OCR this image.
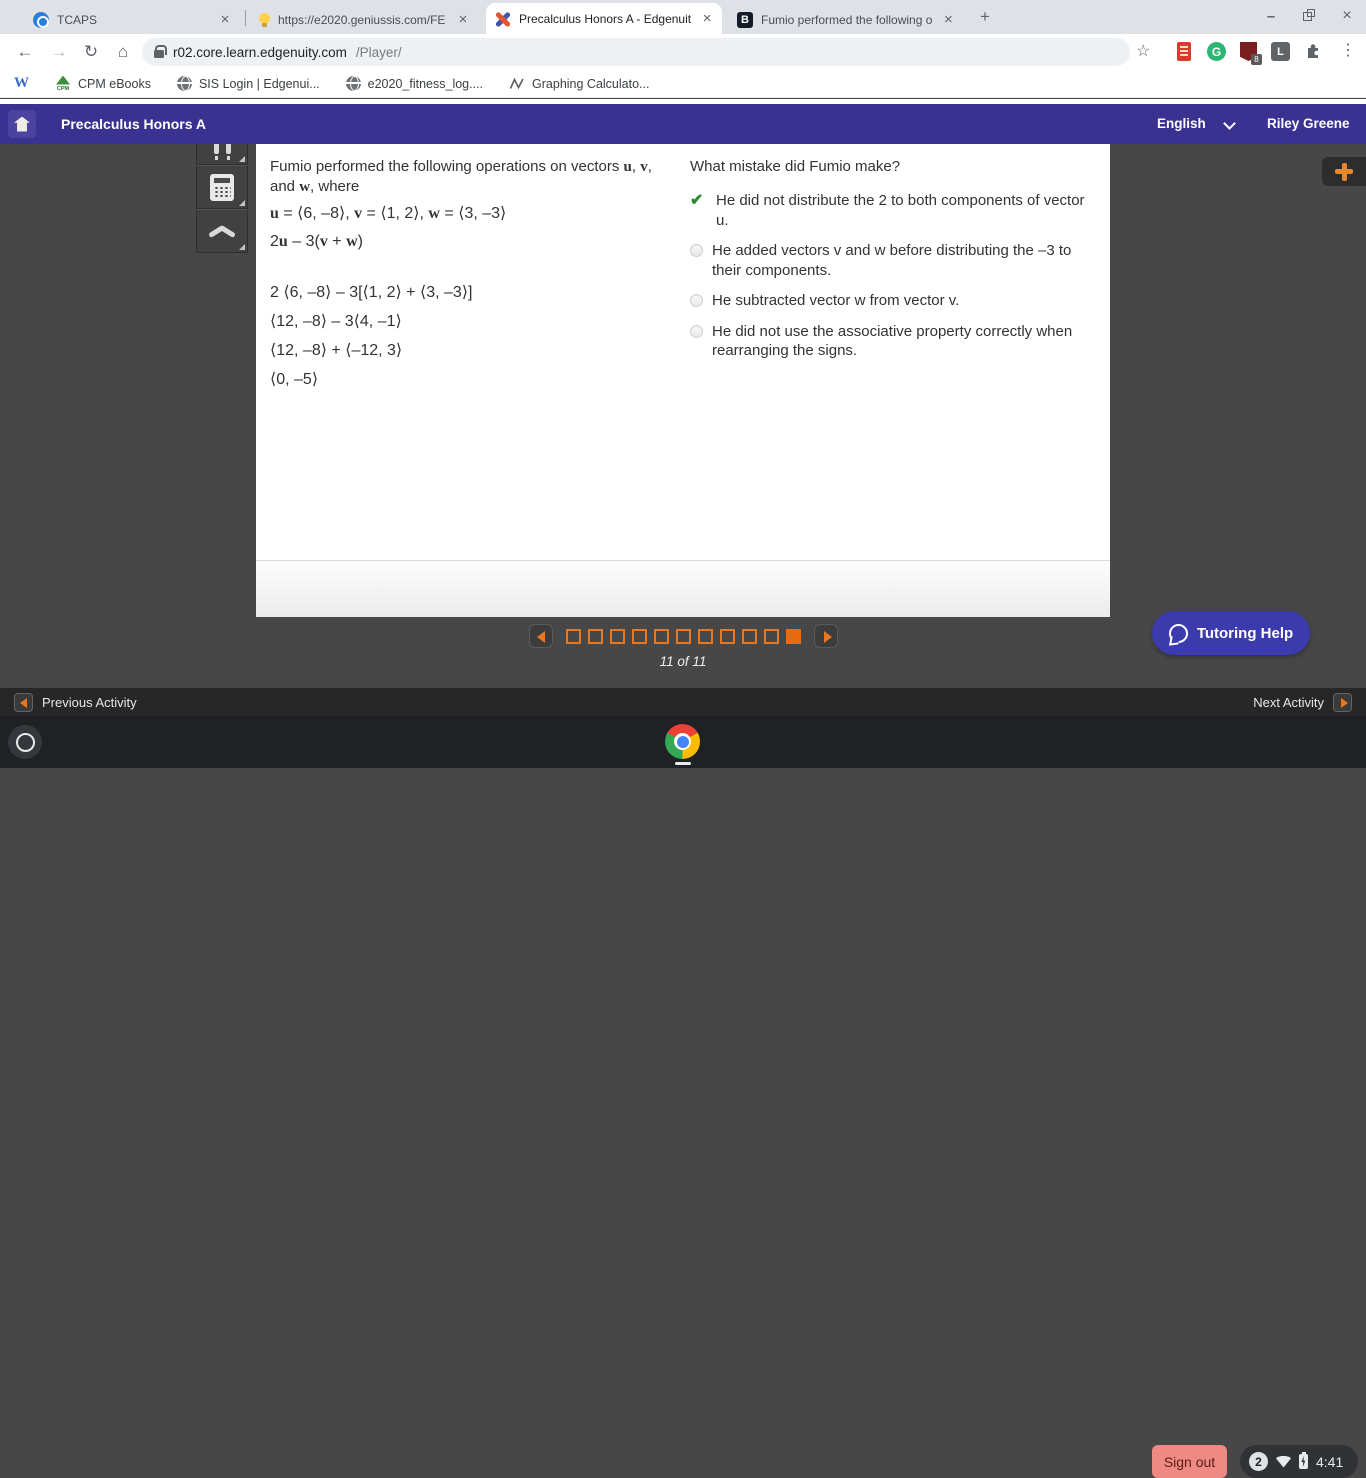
TCAPS	×	https://e2020.geniussis.com/FE ×	Precalculus Honors A - Edgenuit ×	B	Fumio performed the following o ×	+	–	×
← → ↻	⌂	r02.core.learn.edgenuity.com /Player/	☆	G
8
L	⋮
W	CPM CPM eBooks	SIS Login | Edgenui...	e2020_fitness_log....	Graphing Calculato...
Precalculus Honors A	English	Riley Greene

Fumio performed the following operations on vectors u, v, and w, where

u = ⟨6, –8⟩, v = ⟨1, 2⟩, w = ⟨3, –3⟩

2u – 3(v + w)

2 ⟨6, –8⟩ – 3[⟨1, 2⟩ + ⟨3, –3⟩]

⟨12, –8⟩ – 3⟨4, –1⟩

⟨12, –8⟩ + ⟨–12, 3⟩

⟨0, –5⟩

What mistake did Fumio make?

✔ He did not distribute the 2 to both components of vector u.
He added vectors v and w before distributing the –3 to their components.
He subtracted vector w from vector v.
He did not use the associative property correctly when rearranging the signs.
11 of 11
Tutoring Help
Previous Activity	Next Activity
Sign out	2	4:41
